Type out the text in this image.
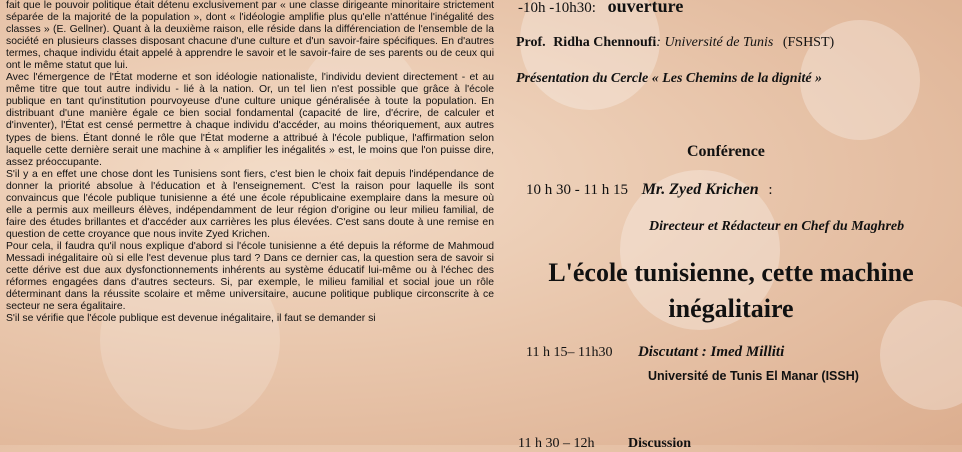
fait que le pouvoir politique était détenu exclusivement par « une classe dirigeante minoritaire strictement séparée de la majorité de la population », dont « l'idéologie amplifie plus qu'elle n'atténue l'inégalité des classes » (E. Gellner). Quant à la deuxième raison, elle réside dans la différenciation de l'ensemble de la société en plusieurs classes disposant chacune d'une culture et d'un savoir-faire spécifiques. En d'autres termes, chaque individu était appelé à apprendre le savoir et le savoir-faire de ses parents ou de ceux qui ont le même statut que lui.

Avec l'émergence de l'État moderne et son idéologie nationaliste, l'individu devient directement - et au même titre que tout autre individu - lié à la nation. Or, un tel lien n'est possible que grâce à l'école publique en tant qu'institution pourvoyeuse d'une culture unique généralisée à toute la population. En distribuant d'une manière égale ce bien social fondamental (capacité de lire, d'écrire, de calculer et d'inventer), l'État est censé permettre à chaque individu d'accéder, au moins théoriquement, aux autres types de biens. Étant donné le rôle que l'État moderne a attribué à l'école publique, l'affirmation selon laquelle cette dernière serait une machine à « amplifier les inégalités » est, le moins que l'on puisse dire, assez préoccupante.

S'il y a en effet une chose dont les Tunisiens sont fiers, c'est bien le choix fait depuis l'indépendance de donner la priorité absolue à l'éducation et à l'enseignement. C'est la raison pour laquelle ils sont convaincus que l'école publique tunisienne a été une école républicaine exemplaire dans la mesure où elle a permis aux meilleurs élèves, indépendamment de leur région d'origine ou leur milieu familial, de faire des études brillantes et d'accéder aux carrières les plus élevées. C'est sans doute à une remise en question de cette croyance que nous invite Zyed Krichen.

Pour cela, il faudra qu'il nous explique d'abord si l'école tunisienne a été depuis la réforme de Mahmoud Messadi inégalitaire où si elle l'est devenue plus tard ? Dans ce dernier cas, la question sera de savoir si cette dérive est due aux dysfonctionnements inhérents au système éducatif lui-même ou à l'échec des réformes engagées dans d'autres secteurs. Si, par exemple, le milieu familial et social joue un rôle déterminant dans la réussite scolaire et même universitaire, aucune politique publique circonscrite à ce secteur ne sera égalitaire.

S'il se vérifie que l'école publique est devenue inégalitaire, il faut se demander si

-10h -10h30: ouverture
Prof. Ridha Chennoufi: Université de Tunis (FSHST)
Présentation du Cercle « Les Chemins de la dignité »
Conférence
10 h 30 - 11 h 15 Mr. Zyed Krichen :
Directeur et Rédacteur en Chef du Maghreb
L'école tunisienne, cette machine
inégalitaire
11 h 15– 11h30 Discutant : Imed Milliti
Université de Tunis El Manar (ISSH)
11 h 30 – 12h Discussion
